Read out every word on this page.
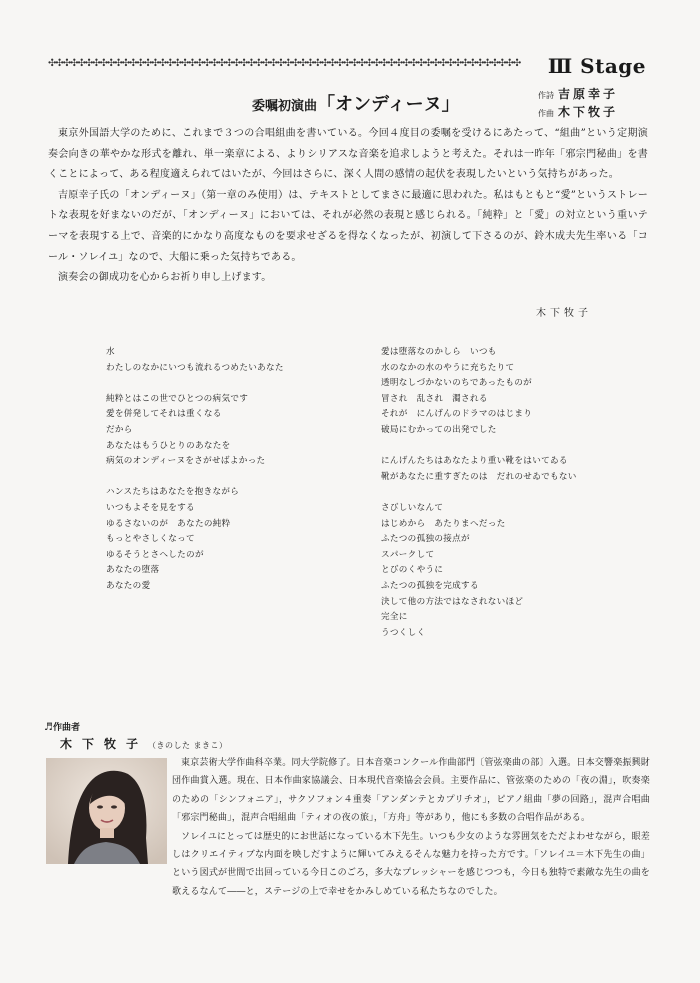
✣✣✣✣✣✣✣✣✣✣✣✣✣✣✣✣✣✣✣✣✣✣✣✣✣✣✣✣✣✣✣✣✣✣✣✣✣✣✣✣✣✣✣✣✣✣✣✣✣✣✣✣✣✣✣✣✣✣✣✣✣✣✣✣	Ⅲ Stage
委嘱初演曲「オンディーヌ」	作詩 吉原幸子
作曲 木下牧子

東京外国語大学のために、これまで３つの合唱組曲を書いている。今回４度目の委嘱を受けるにあたって、“組曲”という定期演奏会向きの華やかな形式を離れ、単一楽章による、よりシリアスな音楽を追求しようと考えた。それは一昨年「邪宗門秘曲」を書くことによって、ある程度適えられてはいたが、今回はさらに、深く人間の感情の起伏を表現したいという気持ちがあった。

吉原幸子氏の「オンディーヌ」（第一章のみ使用）は、テキストとしてまさに最適に思われた。私はもともと“愛”というストレートな表現を好まないのだが、「オンディーヌ」においては、それが必然の表現と感じられる。「純粋」と「愛」の対立という重いテーマを表現する上で、音楽的にかなり高度なものを要求せざるを得なくなったが、初演して下さるのが、鈴木成夫先生率いる「コール・ソレイユ」なので、大船に乗った気持ちである。

演奏会の御成功を心からお祈り申し上げます。

木下牧子
水
わたしのなかにいつも流れるつめたいあなた
純粋とはこの世でひとつの病気です
愛を併発してそれは重くなる
だから
あなたはもうひとりのあなたを
病気のオンディーヌをさがせばよかった
ハンスたちはあなたを抱きながら
いつもよそを見をする
ゆるさないのが　あなたの純粋
もっとやさしくなって
ゆるそうとさへしたのが
あなたの堕落
あなたの愛
愛は堕落なのかしら　いつも
水のなかの水のやうに充ちたりて
透明なしづかないのちであったものが
冒され　乱され　濁される
それが　にんげんのドラマのはじまり
破局にむかっての出発でした
にんげんたちはあなたより重い靴をはいてゐる
靴があなたに重すぎたのは　だれのせゐでもない
さびしいなんて
はじめから　あたりまへだった
ふたつの孤独の接点が
スパークして
とびのくやうに
ふたつの孤独を完成する
決して他の方法ではなされないほど
完全に
うつくしく
♬作曲者
木下牧子（きのした まきこ）

東京芸術大学作曲科卒業。同大学院修了。日本音楽コンクール作曲部門〔管弦楽曲の部〕入選。日本交響楽振興財団作曲賞入選。現在、日本作曲家協議会、日本現代音楽協会会員。主要作品に、管弦楽のための「夜の淵」，吹奏楽のための「シンフォニア」，サクソフォン４重奏「アンダンテとカプリチオ」，ピアノ組曲「夢の回路」，混声合唱曲「邪宗門秘曲」，混声合唱組曲「ティオの夜の旅」，「方舟」等があり，他にも多数の合唱作品がある。

ソレイユにとっては歴史的にお世話になっている木下先生。いつも少女のような雰囲気をただよわせながら，眼差しはクリエイティブな内面を映しだすように輝いてみえるそんな魅力を持った方です。「ソレイユ＝木下先生の曲」という図式が世間で出回っている今日このごろ，多大なプレッシャーを感じつつも，今日も独特で素敵な先生の曲を歌えるなんて――と，ステージの上で幸せをかみしめている私たちなのでした。
